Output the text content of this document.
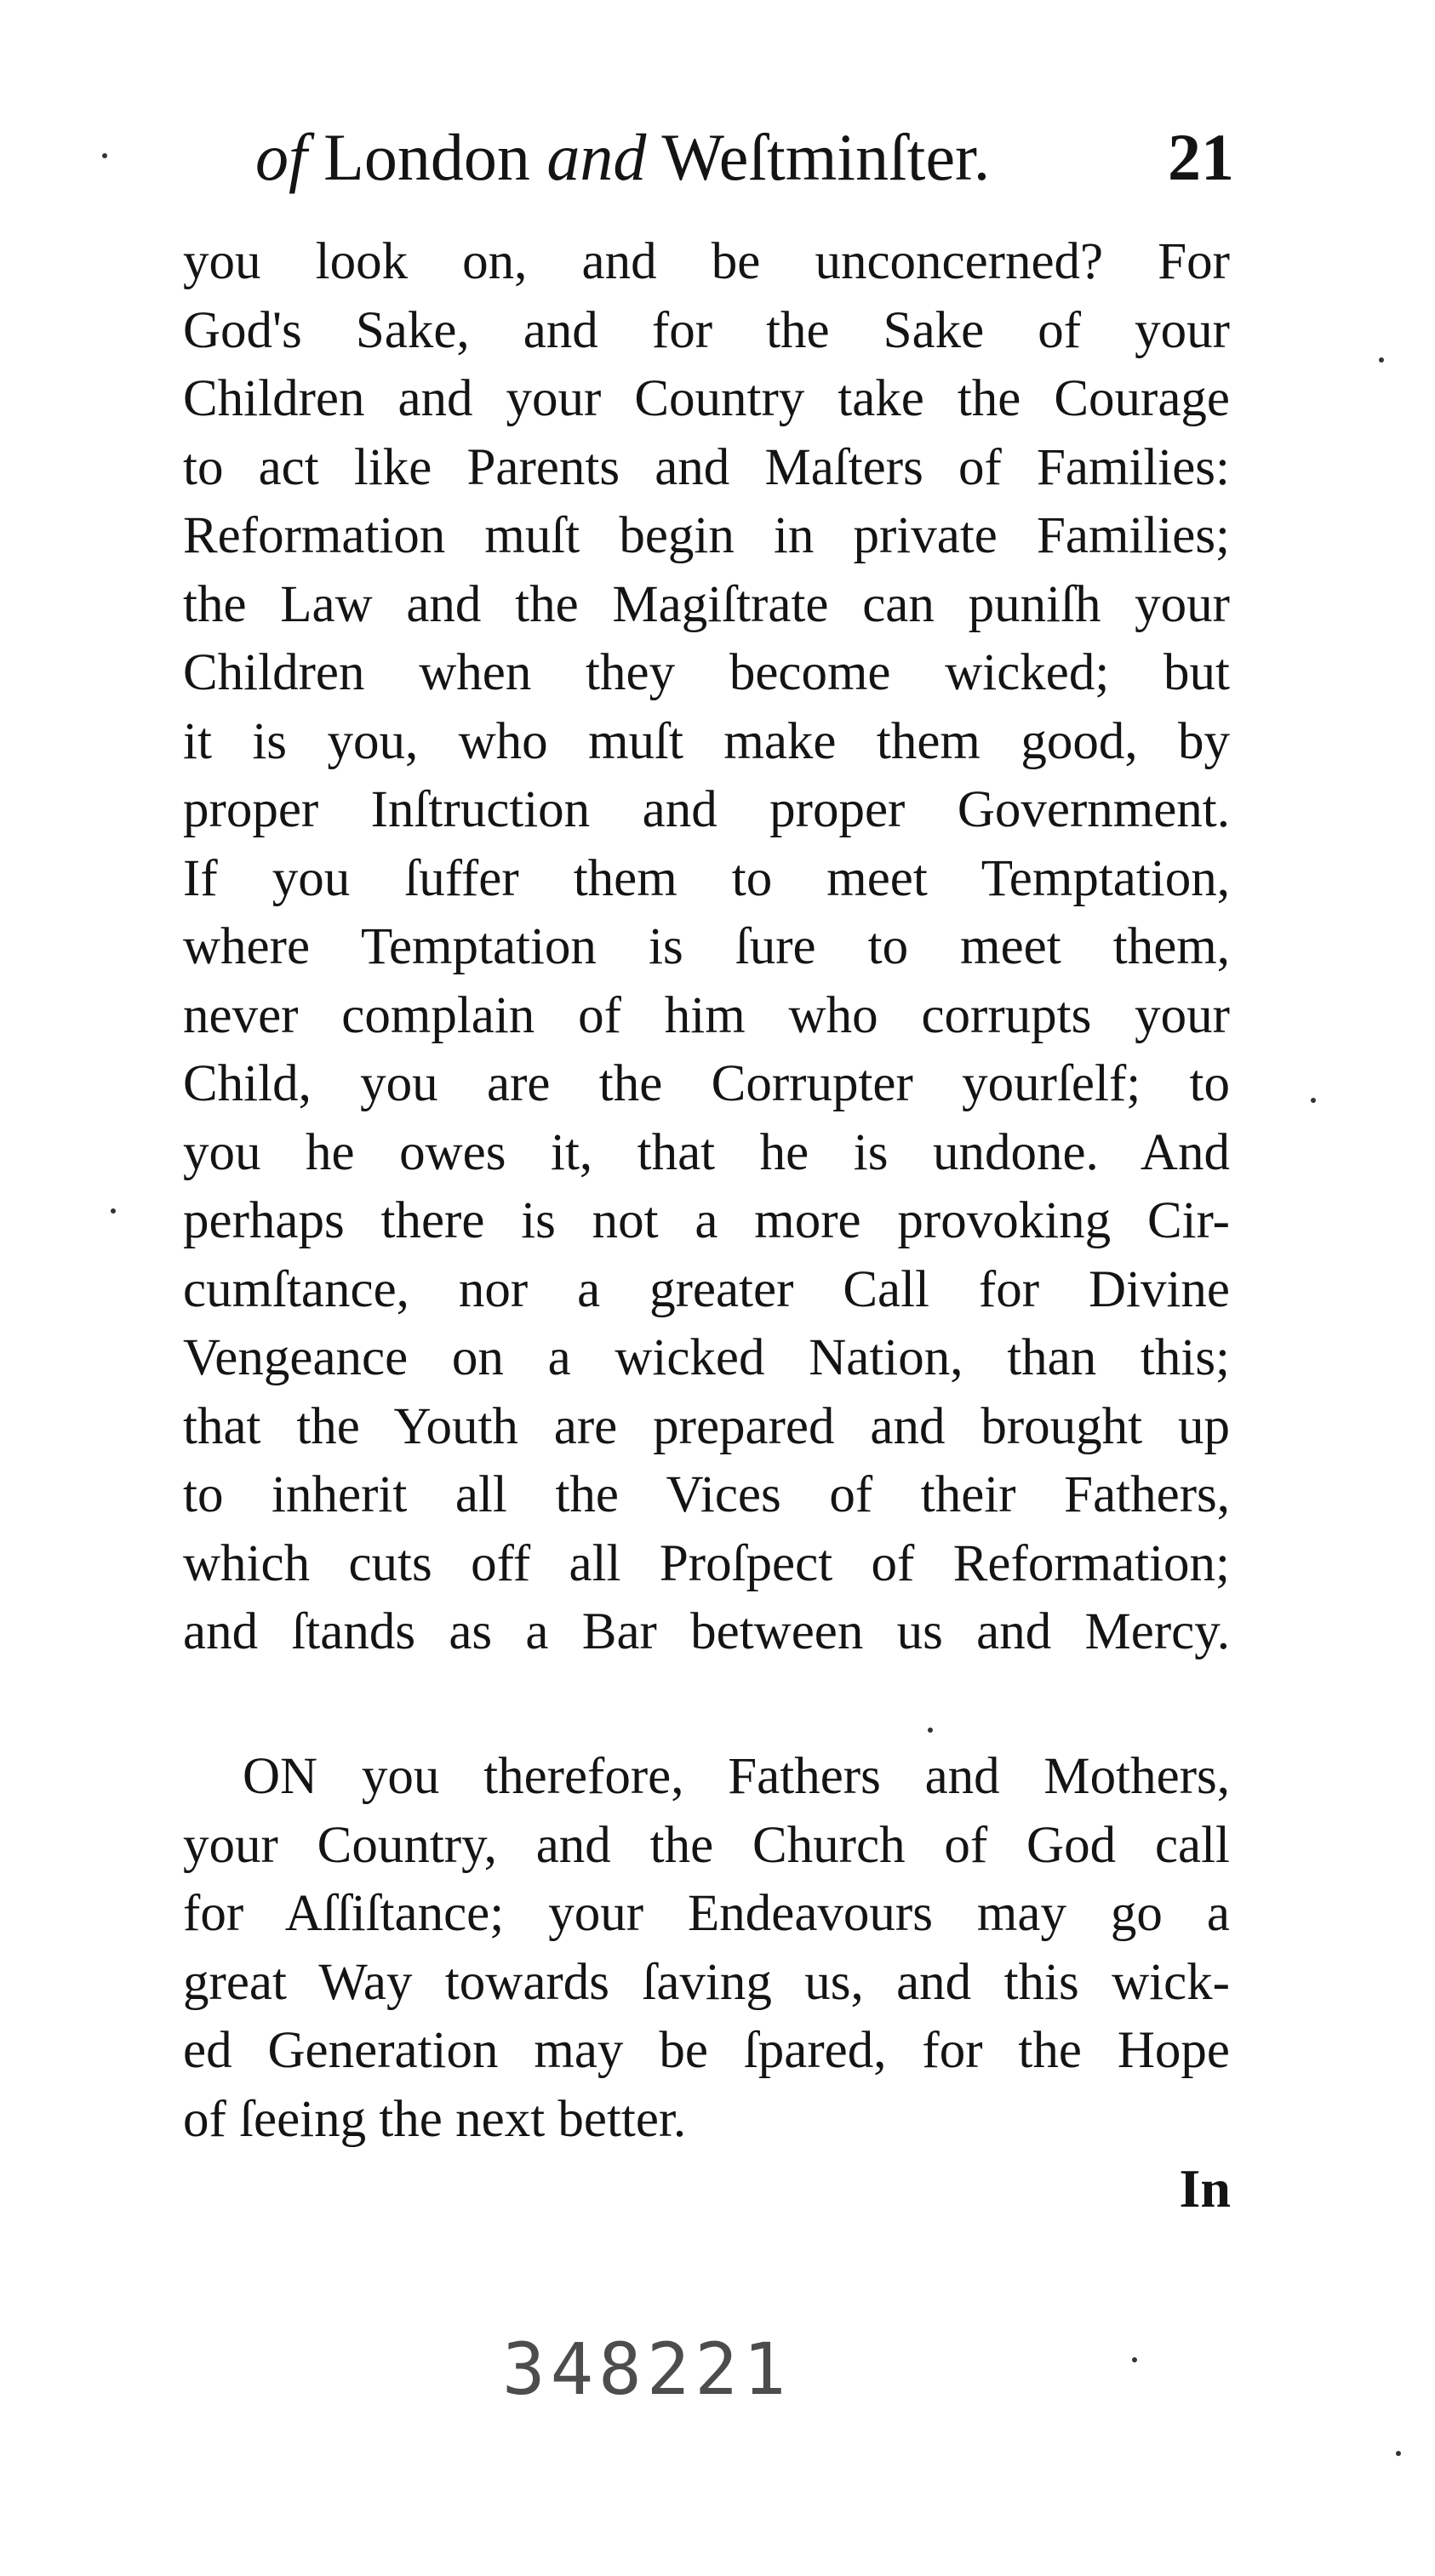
of London and Weſtminſter.	21
you look on, and be unconcerned? For
God's Sake, and for the Sake of your
Children and your Country take the Courage
to act like Parents and Maſters of Families:
Reformation muſt begin in private Families;
the Law and the Magiſtrate can puniſh your
Children when they become wicked; but
it is you, who muſt make them good, by
proper Inſtruction and proper Government.
If you ſuffer them to meet Temptation,
where Temptation is ſure to meet them,
never complain of him who corrupts your
Child, you are the Corrupter yourſelf; to
you he owes it, that he is undone. And
perhaps there is not a more provoking Cir-
cumſtance, nor a greater Call for Divine
Vengeance on a wicked Nation, than this;
that the Youth are prepared and brought up
to inherit all the Vices of their Fathers,
which cuts off all Proſpect of Reformation;
and ſtands as a Bar between us and Mercy.
ON you therefore, Fathers and Mothers,
your Country, and the Church of God call
for Aſſiſtance; your Endeavours may go a
great Way towards ſaving us, and this wick-
ed Generation may be ſpared, for the Hope
of ſeeing the next better.
In
348221
